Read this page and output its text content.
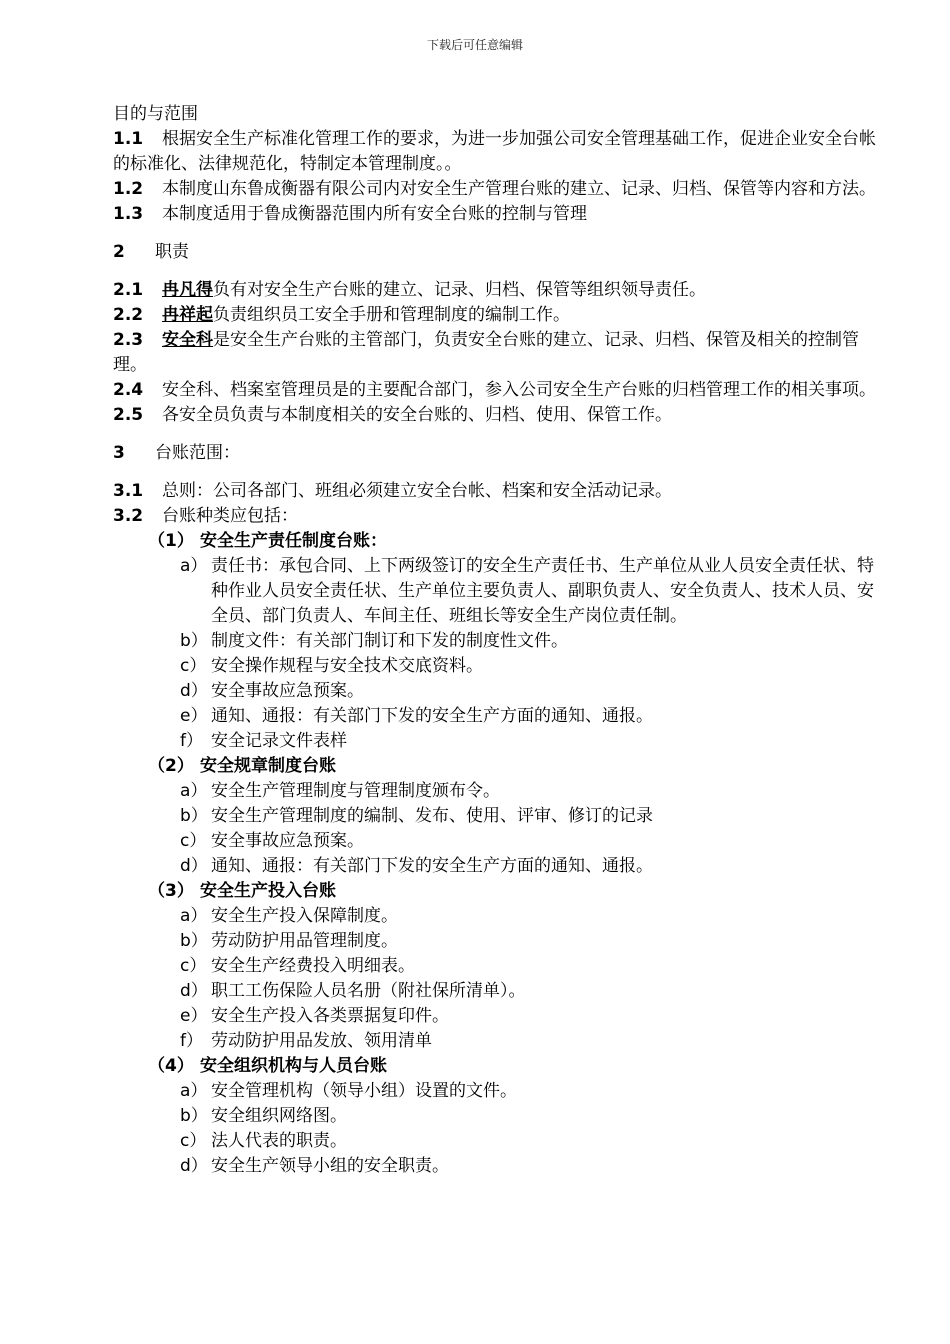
下载后可任意编辑
目的与范围
1.1 根据安全生产标准化管理工作的要求，为进一步加强公司安全管理基础工作，促进企业安全台帐的标准化、法律规范化，特制定本管理制度。。
1.2 本制度山东鲁成衡器有限公司内对安全生产管理台账的建立、记录、归档、保管等内容和方法。
1.3 本制度适用于鲁成衡器范围内所有安全台账的控制与管理
2 职责
2.1 冉凡得负有对安全生产台账的建立、记录、归档、保管等组织领导责任。
2.2 冉祥起负责组织员工安全手册和管理制度的编制工作。
2.3 安全科是安全生产台账的主管部门，负责安全台账的建立、记录、归档、保管及相关的控制管理。
2.4 安全科、档案室管理员是的主要配合部门，参入公司安全生产台账的归档管理工作的相关事项。
2.5 各安全员负责与本制度相关的安全台账的、归档、使用、保管工作。
3 台账范围：
3.1 总则：公司各部门、班组必须建立安全台帐、档案和安全活动记录。
3.2 台账种类应包括：
（1） 安全生产责任制度台账：
a） 责任书：承包合同、上下两级签订的安全生产责任书、生产单位从业人员安全责任状、特种作业人员安全责任状、生产单位主要负责人、副职负责人、安全负责人、技术人员、安全员、部门负责人、车间主任、班组长等安全生产岗位责任制。
b） 制度文件：有关部门制订和下发的制度性文件。
c） 安全操作规程与安全技术交底资料。
d） 安全事故应急预案。
e） 通知、通报：有关部门下发的安全生产方面的通知、通报。
f） 安全记录文件表样
（2） 安全规章制度台账
a） 安全生产管理制度与管理制度颁布令。
b） 安全生产管理制度的编制、发布、使用、评审、修订的记录
c） 安全事故应急预案。
d） 通知、通报：有关部门下发的安全生产方面的通知、通报。
（3） 安全生产投入台账
a） 安全生产投入保障制度。
b） 劳动防护用品管理制度。
c） 安全生产经费投入明细表。
d） 职工工伤保险人员名册（附社保所清单）。
e） 安全生产投入各类票据复印件。
f） 劳动防护用品发放、领用清单
（4） 安全组织机构与人员台账
a） 安全管理机构（领导小组）设置的文件。
b） 安全组织网络图。
c） 法人代表的职责。
d） 安全生产领导小组的安全职责。
